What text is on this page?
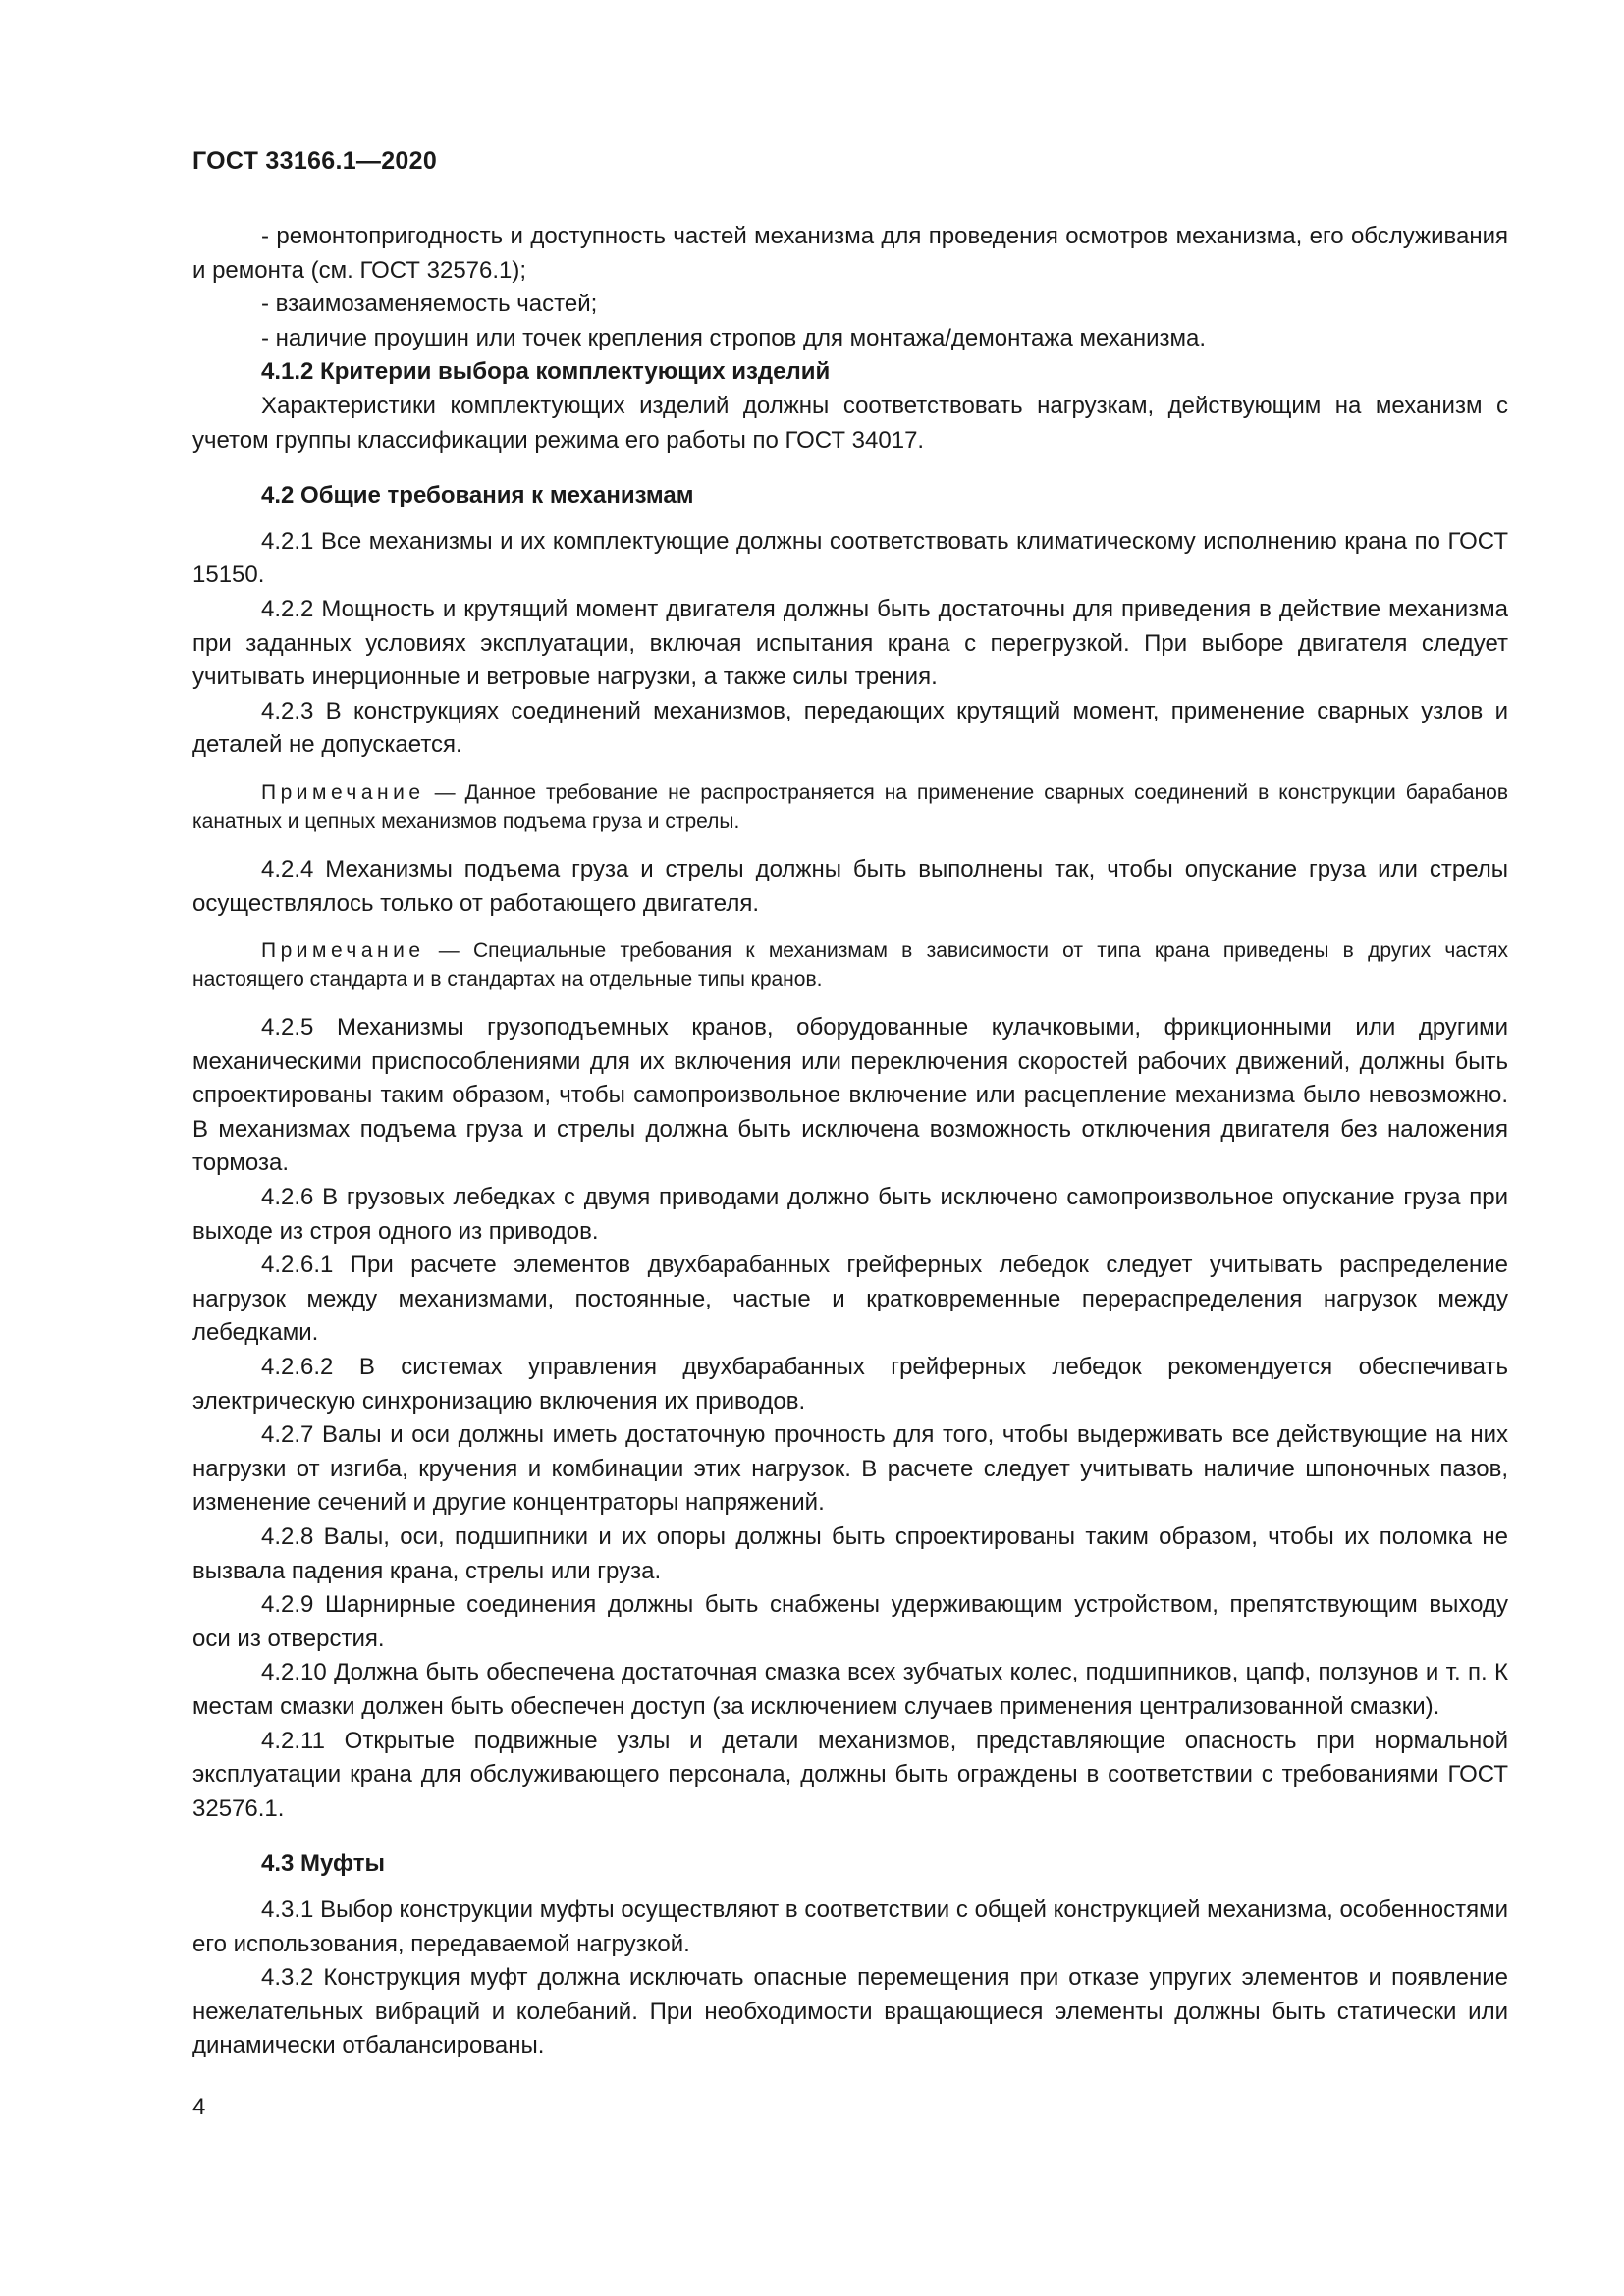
ГОСТ 33166.1—2020

- ремонтопригодность и доступность частей механизма для проведения осмотров механизма, его обслуживания и ремонта (см. ГОСТ 32576.1);

- взаимозаменяемость частей;

- наличие проушин или точек крепления стропов для монтажа/демонтажа механизма.

4.1.2 Критерии выбора комплектующих изделий

Характеристики комплектующих изделий должны соответствовать нагрузкам, действующим на механизм с учетом группы классификации режима его работы по ГОСТ 34017.

4.2 Общие требования к механизмам

4.2.1 Все механизмы и их комплектующие должны соответствовать климатическому исполнению крана по ГОСТ 15150.

4.2.2 Мощность и крутящий момент двигателя должны быть достаточны для приведения в действие механизма при заданных условиях эксплуатации, включая испытания крана с перегрузкой. При выборе двигателя следует учитывать инерционные и ветровые нагрузки, а также силы трения.

4.2.3 В конструкциях соединений механизмов, передающих крутящий момент, применение сварных узлов и деталей не допускается.

Примечание — Данное требование не распространяется на применение сварных соединений в конструкции барабанов канатных и цепных механизмов подъема груза и стрелы.

4.2.4 Механизмы подъема груза и стрелы должны быть выполнены так, чтобы опускание груза или стрелы осуществлялось только от работающего двигателя.

Примечание — Специальные требования к механизмам в зависимости от типа крана приведены в других частях настоящего стандарта и в стандартах на отдельные типы кранов.

4.2.5 Механизмы грузоподъемных кранов, оборудованные кулачковыми, фрикционными или другими механическими приспособлениями для их включения или переключения скоростей рабочих движений, должны быть спроектированы таким образом, чтобы самопроизвольное включение или расцепление механизма было невозможно. В механизмах подъема груза и стрелы должна быть исключена возможность отключения двигателя без наложения тормоза.

4.2.6 В грузовых лебедках с двумя приводами должно быть исключено самопроизвольное опускание груза при выходе из строя одного из приводов.

4.2.6.1 При расчете элементов двухбарабанных грейферных лебедок следует учитывать распределение нагрузок между механизмами, постоянные, частые и кратковременные перераспределения нагрузок между лебедками.

4.2.6.2 В системах управления двухбарабанных грейферных лебедок рекомендуется обеспечивать электрическую синхронизацию включения их приводов.

4.2.7 Валы и оси должны иметь достаточную прочность для того, чтобы выдерживать все действующие на них нагрузки от изгиба, кручения и комбинации этих нагрузок. В расчете следует учитывать наличие шпоночных пазов, изменение сечений и другие концентраторы напряжений.

4.2.8 Валы, оси, подшипники и их опоры должны быть спроектированы таким образом, чтобы их поломка не вызвала падения крана, стрелы или груза.

4.2.9 Шарнирные соединения должны быть снабжены удерживающим устройством, препятствующим выходу оси из отверстия.

4.2.10 Должна быть обеспечена достаточная смазка всех зубчатых колес, подшипников, цапф, ползунов и т. п. К местам смазки должен быть обеспечен доступ (за исключением случаев применения централизованной смазки).

4.2.11 Открытые подвижные узлы и детали механизмов, представляющие опасность при нормальной эксплуатации крана для обслуживающего персонала, должны быть ограждены в соответствии с требованиями ГОСТ 32576.1.

4.3 Муфты

4.3.1 Выбор конструкции муфты осуществляют в соответствии с общей конструкцией механизма, особенностями его использования, передаваемой нагрузкой.

4.3.2 Конструкция муфт должна исключать опасные перемещения при отказе упругих элементов и появление нежелательных вибраций и колебаний. При необходимости вращающиеся элементы должны быть статически или динамически отбалансированы.

4
